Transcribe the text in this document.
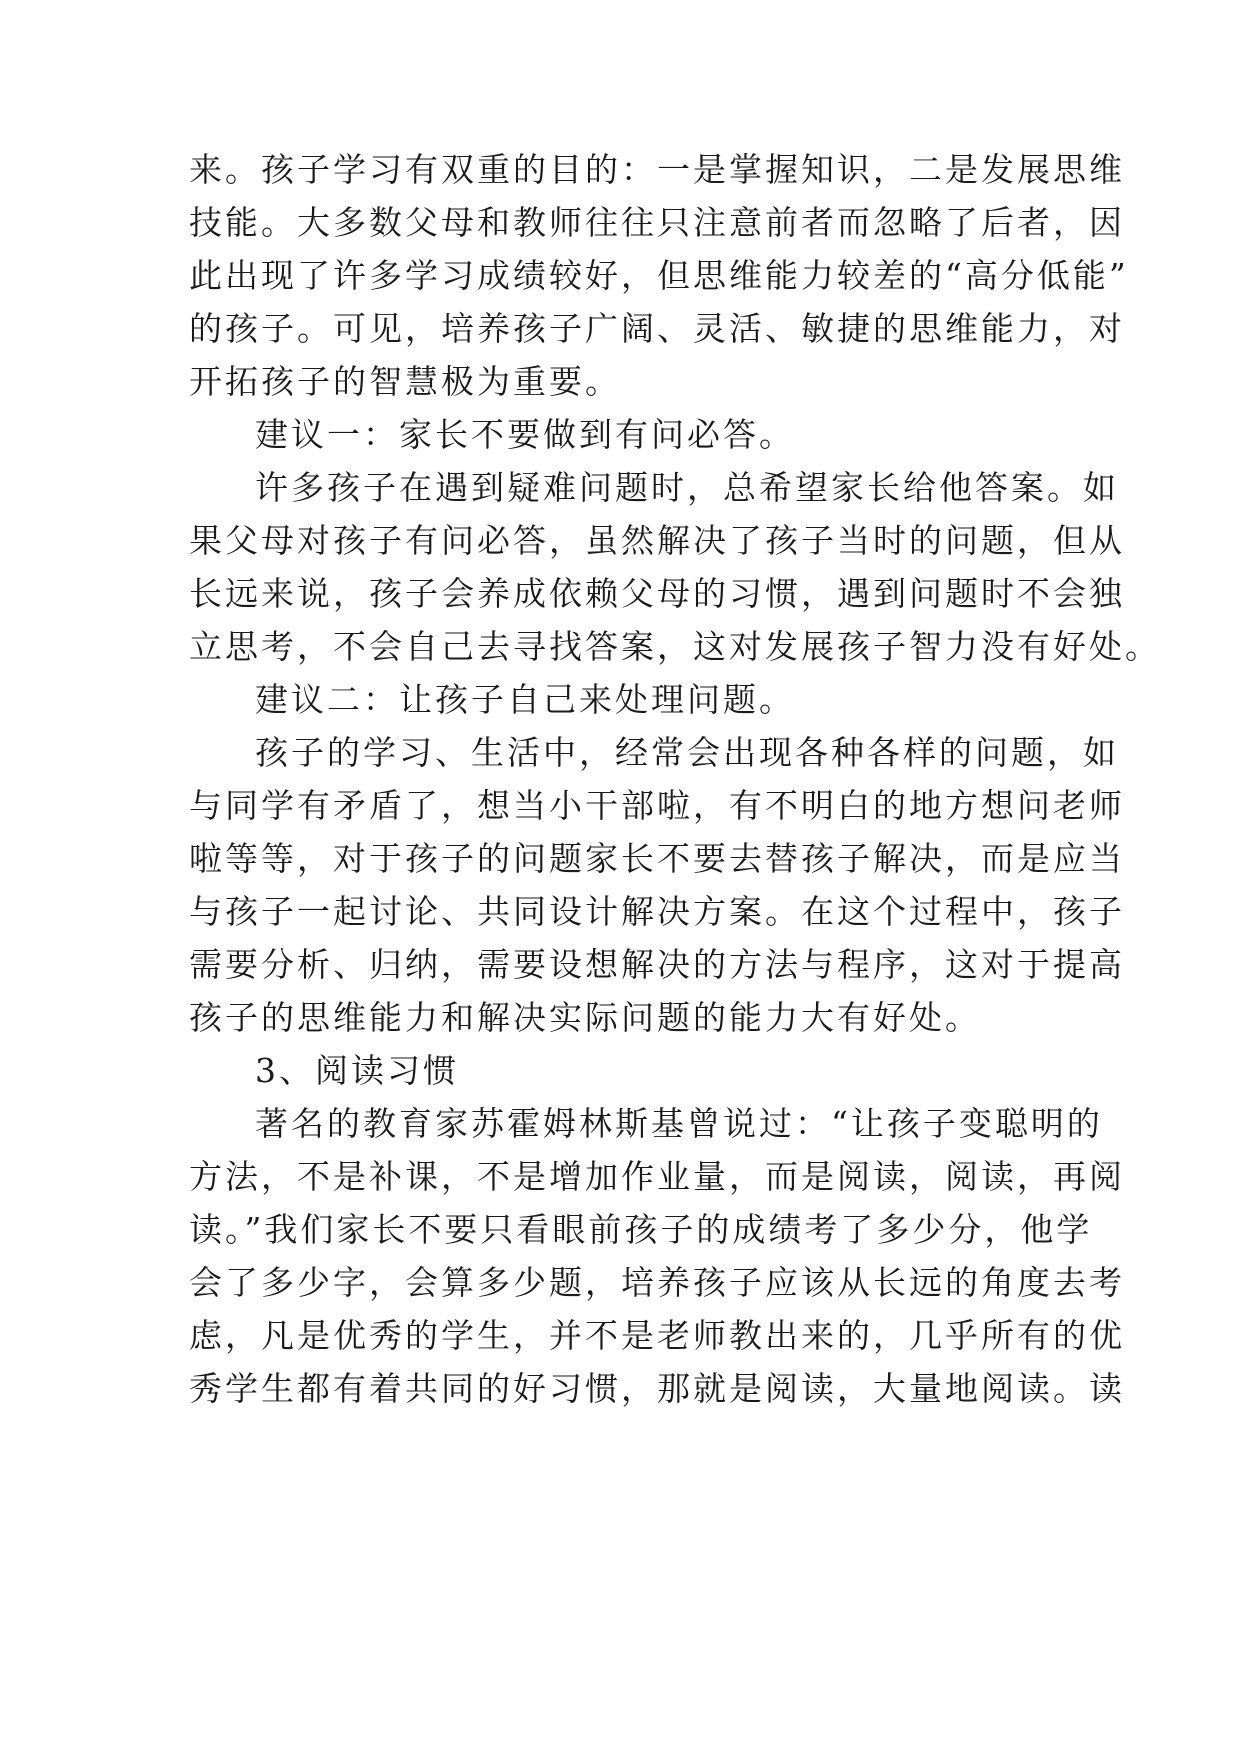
来。孩子学习有双重的目的：一是掌握知识，二是发展思维
技能。大多数父母和教师往往只注意前者而忽略了后者，因
此出现了许多学习成绩较好，但思维能力较差的“高分低能”
的孩子。可见，培养孩子广阔、灵活、敏捷的思维能力，对
开拓孩子的智慧极为重要。
建议一：家长不要做到有问必答。
许多孩子在遇到疑难问题时，总希望家长给他答案。如
果父母对孩子有问必答，虽然解决了孩子当时的问题，但从
长远来说，孩子会养成依赖父母的习惯，遇到问题时不会独
立思考，不会自己去寻找答案，这对发展孩子智力没有好处。
建议二：让孩子自己来处理问题。
孩子的学习、生活中，经常会出现各种各样的问题，如
与同学有矛盾了，想当小干部啦，有不明白的地方想问老师
啦等等，对于孩子的问题家长不要去替孩子解决，而是应当
与孩子一起讨论、共同设计解决方案。在这个过程中，孩子
需要分析、归纳，需要设想解决的方法与程序，这对于提高
孩子的思维能力和解决实际问题的能力大有好处。
3、阅读习惯
著名的教育家苏霍姆林斯基曾说过：“让孩子变聪明的
方法，不是补课，不是增加作业量，而是阅读，阅读，再阅
读。”我们家长不要只看眼前孩子的成绩考了多少分，他学
会了多少字，会算多少题，培养孩子应该从长远的角度去考
虑，凡是优秀的学生，并不是老师教出来的，几乎所有的优
秀学生都有着共同的好习惯，那就是阅读，大量地阅读。读
